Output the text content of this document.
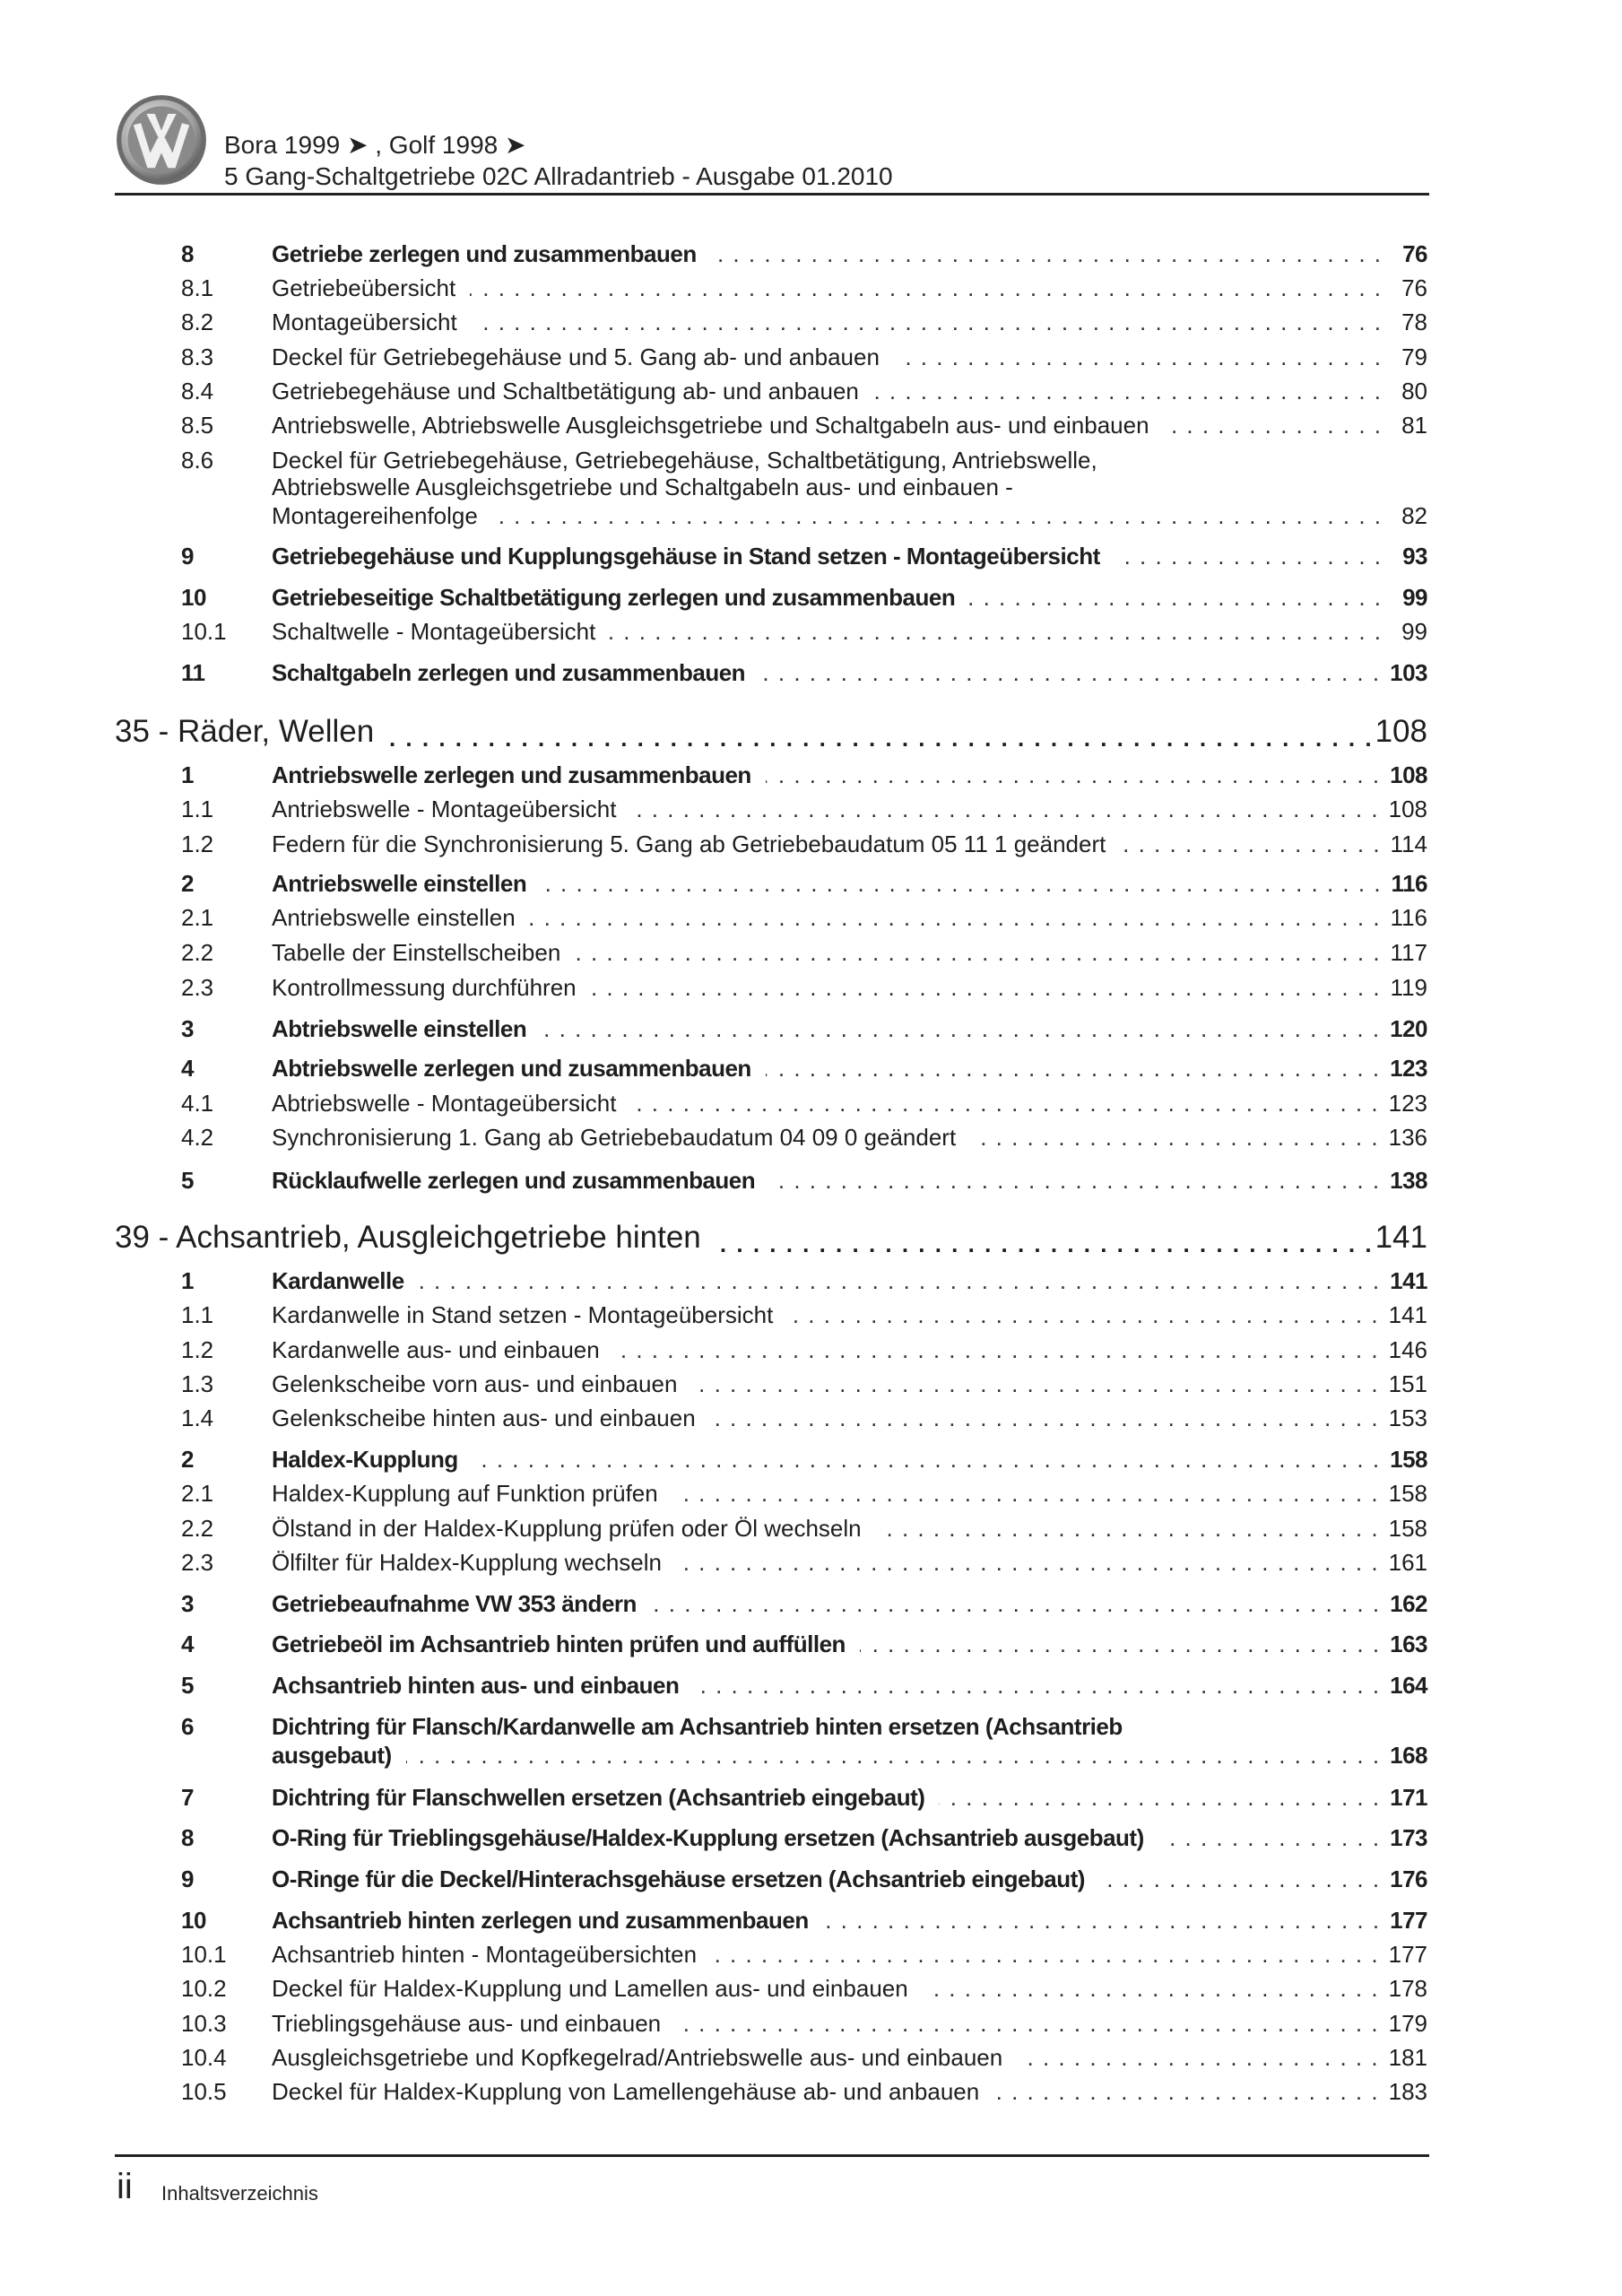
Bora 1999 ➤ , Golf 1998 ➤
5 Gang-Schaltgetriebe 02C Allradantrieb - Ausgabe 01.2010
8	Getriebe zerlegen und zusammenbauen . . .	76
8.1	Getriebeübersicht . . .	76
8.2	Montageübersicht . . .	78
8.3	Deckel für Getriebegehäuse und 5. Gang ab- und anbauen . . .	79
8.4	Getriebegehäuse und Schaltbetätigung ab- und anbauen . . .	80
8.5	Antriebswelle, Abtriebswelle Ausgleichsgetriebe und Schaltgabeln aus- und einbauen . . .	81
8.6	Deckel für Getriebegehäuse, Getriebegehäuse, Schaltbetätigung, Antriebswelle,
Abtriebswelle Ausgleichsgetriebe und Schaltgabeln aus- und einbauen -
Montagereihenfolge . . .	82
9	Getriebegehäuse und Kupplungsgehäuse in Stand setzen - Montageübersicht . . .	93
10	Getriebeseitige Schaltbetätigung zerlegen und zusammenbauen . . .	99
10.1	Schaltwelle - Montageübersicht . . .	99
11	Schaltgabeln zerlegen und zusammenbauen . . .	103
35 - Räder, Wellen . . .	108
1	Antriebswelle zerlegen und zusammenbauen . . .	108
1.1	Antriebswelle - Montageübersicht . . .	108
1.2	Federn für die Synchronisierung 5. Gang ab Getriebebaudatum 05 11 1 geändert . . .	114
2	Antriebswelle einstellen . . .	116
2.1	Antriebswelle einstellen . . .	116
2.2	Tabelle der Einstellscheiben . . .	117
2.3	Kontrollmessung durchführen . . .	119
3	Abtriebswelle einstellen . . .	120
4	Abtriebswelle zerlegen und zusammenbauen . . .	123
4.1	Abtriebswelle - Montageübersicht . . .	123
4.2	Synchronisierung 1. Gang ab Getriebebaudatum 04 09 0 geändert . . .	136
5	Rücklaufwelle zerlegen und zusammenbauen . . .	138
39 - Achsantrieb, Ausgleichgetriebe hinten . . .	141
1	Kardanwelle . . .	141
1.1	Kardanwelle in Stand setzen - Montageübersicht . . .	141
1.2	Kardanwelle aus- und einbauen . . .	146
1.3	Gelenkscheibe vorn aus- und einbauen . . .	151
1.4	Gelenkscheibe hinten aus- und einbauen . . .	153
2	Haldex-Kupplung . . .	158
2.1	Haldex-Kupplung auf Funktion prüfen . . .	158
2.2	Ölstand in der Haldex-Kupplung prüfen oder Öl wechseln . . .	158
2.3	Ölfilter für Haldex-Kupplung wechseln . . .	161
3	Getriebeaufnahme VW 353 ändern . . .	162
4	Getriebeöl im Achsantrieb hinten prüfen und auffüllen . . .	163
5	Achsantrieb hinten aus- und einbauen . . .	164
6	Dichtring für Flansch/Kardanwelle am Achsantrieb hinten ersetzen (Achsantrieb
ausgebaut) . . .	168
7	Dichtring für Flanschwellen ersetzen (Achsantrieb eingebaut) . . .	171
8	O-Ring für Trieblingsgehäuse/Haldex-Kupplung ersetzen (Achsantrieb ausgebaut) . . .	173
9	O-Ringe für die Deckel/Hinterachsgehäuse ersetzen (Achsantrieb eingebaut) . . .	176
10	Achsantrieb hinten zerlegen und zusammenbauen . . .	177
10.1	Achsantrieb hinten - Montageübersichten . . .	177
10.2	Deckel für Haldex-Kupplung und Lamellen aus- und einbauen . . .	178
10.3	Trieblingsgehäuse aus- und einbauen . . .	179
10.4	Ausgleichsgetriebe und Kopfkegelrad/Antriebswelle aus- und einbauen . . .	181
10.5	Deckel für Haldex-Kupplung von Lamellengehäuse ab- und anbauen . . .	183
ii Inhaltsverzeichnis
